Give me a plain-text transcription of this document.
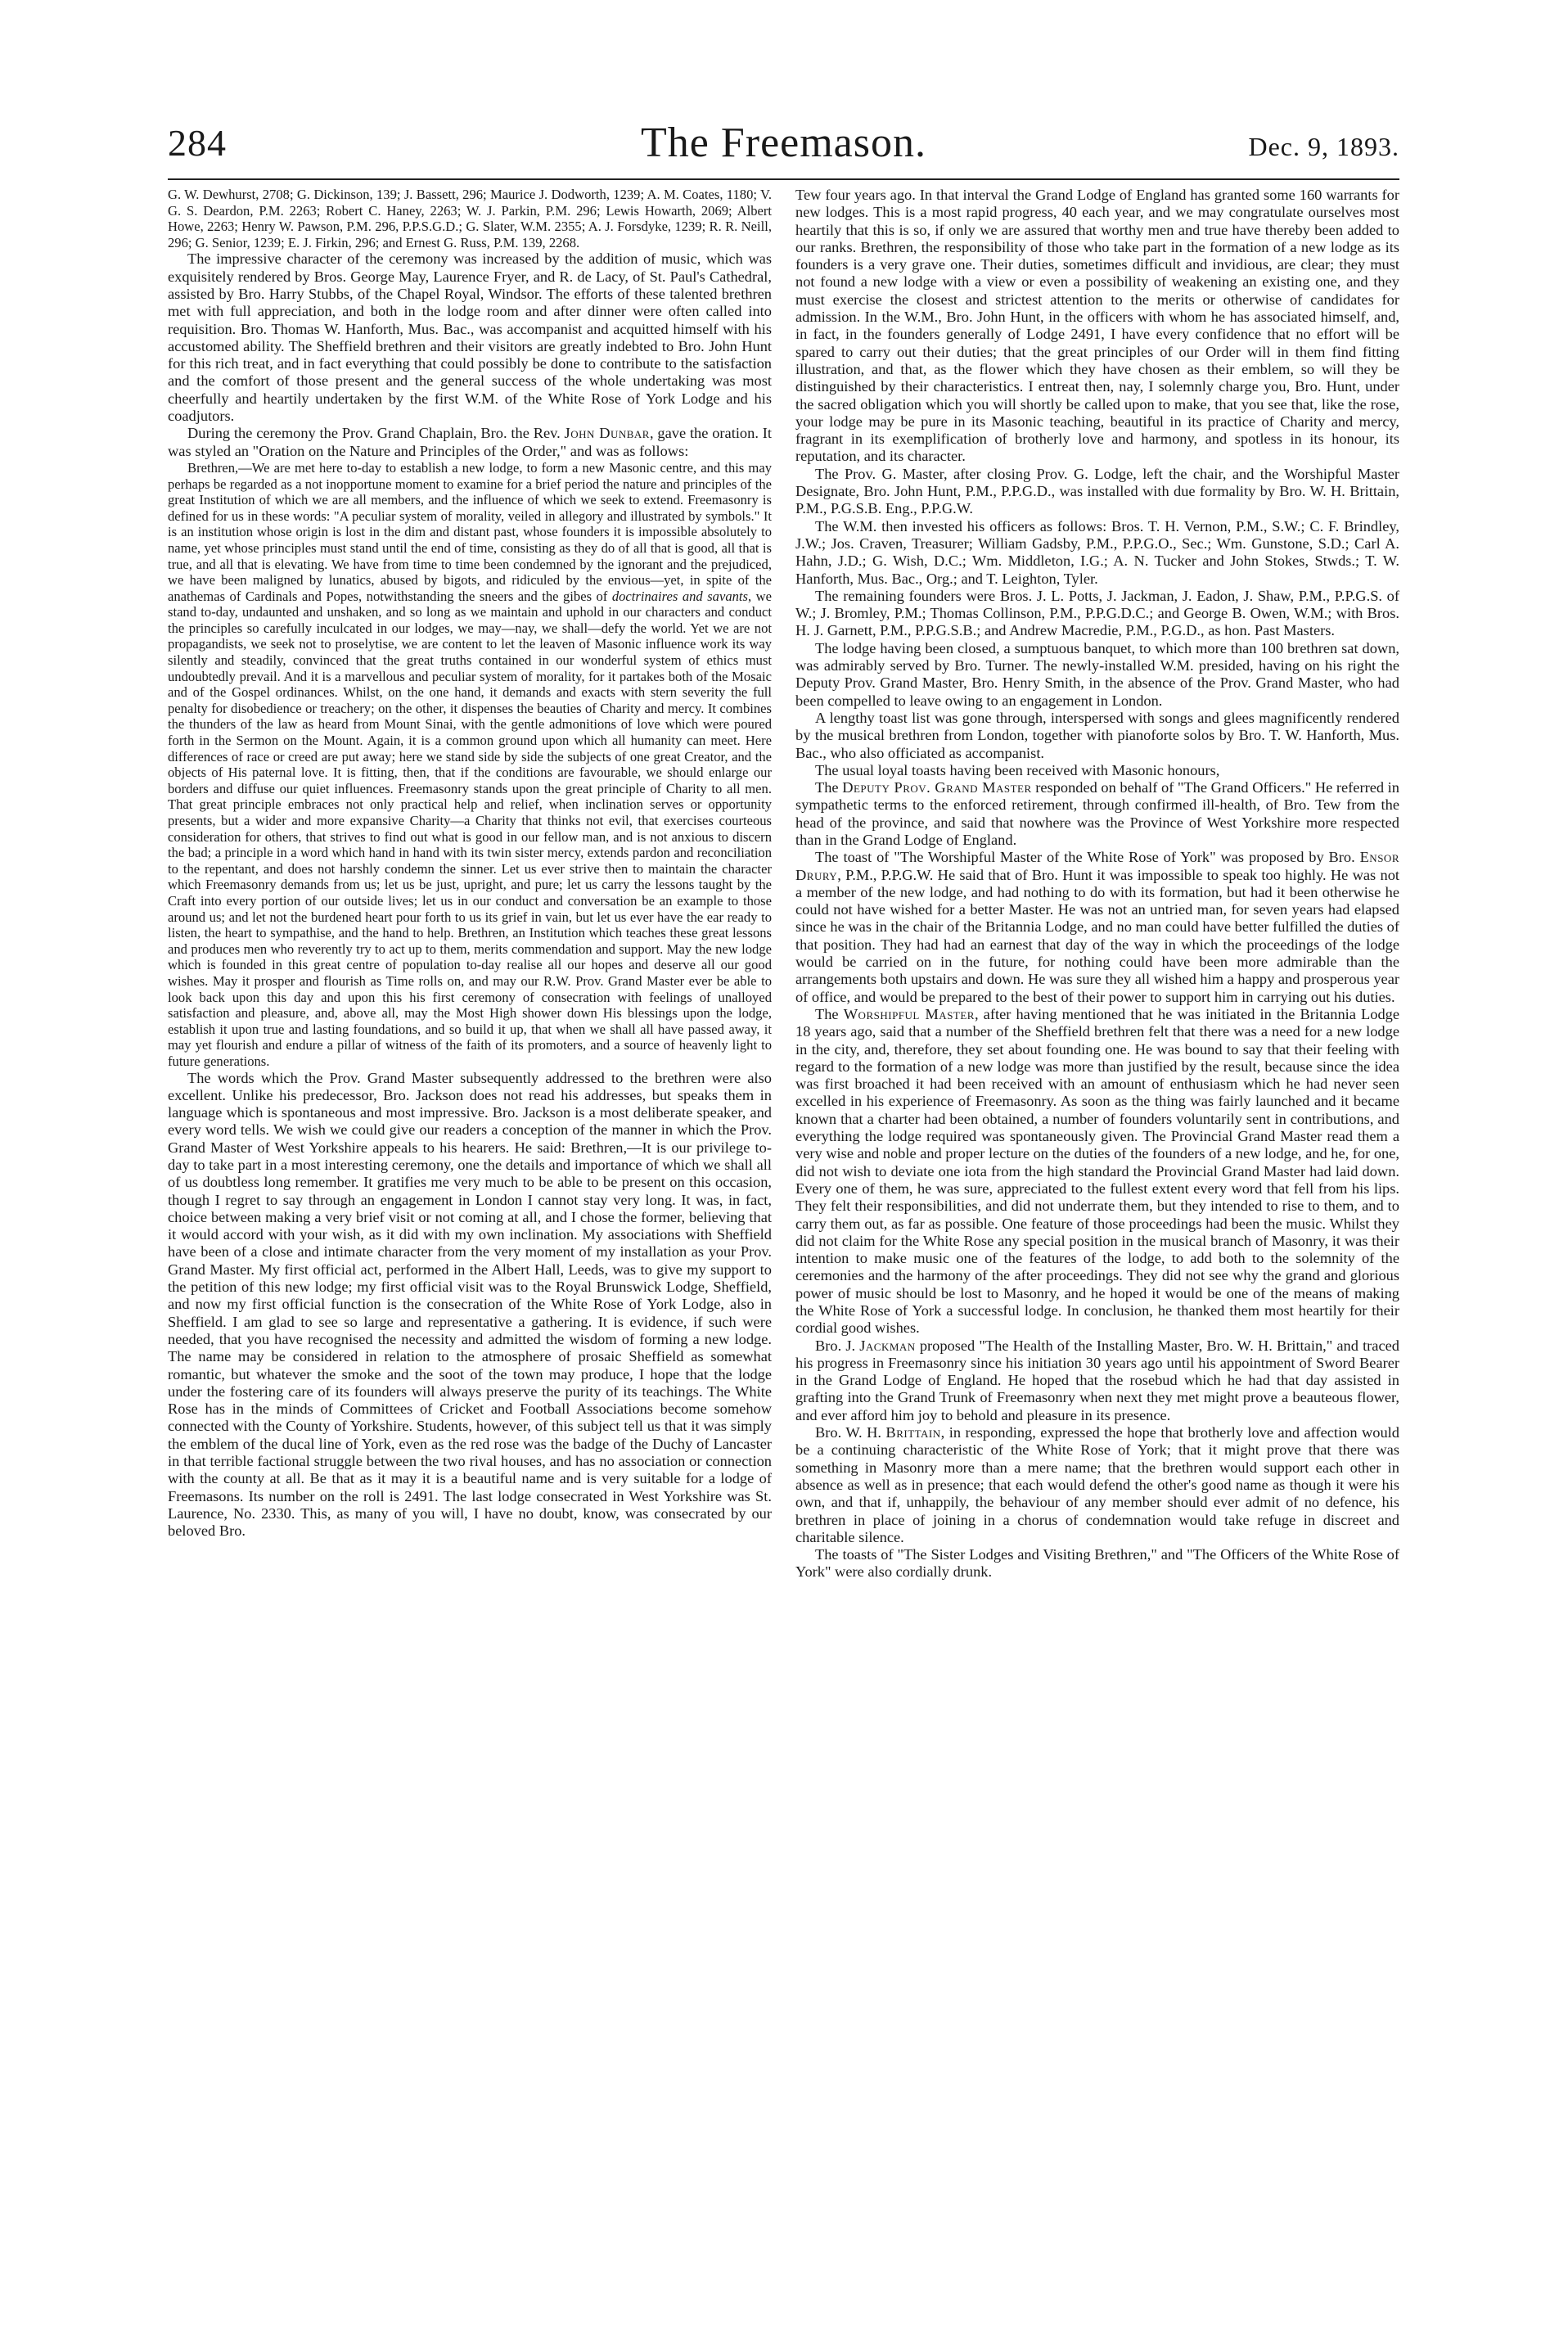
284	The Freemason.	Dec. 9, 1893.

G. W. Dewhurst, 2708; G. Dickinson, 139; J. Bassett, 296; Maurice J. Dodworth, 1239; A. M. Coates, 1180; V. G. S. Deardon, P.M. 2263; Robert C. Haney, 2263; W. J. Parkin, P.M. 296; Lewis Howarth, 2069; Albert Howe, 2263; Henry W. Pawson, P.M. 296, P.P.S.G.D.; G. Slater, W.M. 2355; A. J. Forsdyke, 1239; R. R. Neill, 296; G. Senior, 1239; E. J. Firkin, 296; and Ernest G. Russ, P.M. 139, 2268.

The impressive character of the ceremony was increased by the addition of music, which was exquisitely rendered by Bros. George May, Laurence Fryer, and R. de Lacy, of St. Paul's Cathedral, assisted by Bro. Harry Stubbs, of the Chapel Royal, Windsor. The efforts of these talented brethren met with full appreciation, and both in the lodge room and after dinner were often called into requisition. Bro. Thomas W. Hanforth, Mus. Bac., was accompanist and acquitted himself with his accustomed ability. The Sheffield brethren and their visitors are greatly indebted to Bro. John Hunt for this rich treat, and in fact everything that could possibly be done to contribute to the satisfaction and the comfort of those present and the general success of the whole undertaking was most cheerfully and heartily undertaken by the first W.M. of the White Rose of York Lodge and his coadjutors.

During the ceremony the Prov. Grand Chaplain, Bro. the Rev. John Dunbar, gave the oration. It was styled an "Oration on the Nature and Principles of the Order," and was as follows:

Brethren,—We are met here to-day to establish a new lodge, to form a new Masonic centre, and this may perhaps be regarded as a not inopportune moment to examine for a brief period the nature and principles of the great Institution of which we are all members, and the influence of which we seek to extend. Freemasonry is defined for us in these words: "A peculiar system of morality, veiled in allegory and illustrated by symbols." It is an institution whose origin is lost in the dim and distant past, whose founders it is impossible absolutely to name, yet whose principles must stand until the end of time, consisting as they do of all that is good, all that is true, and all that is elevating. We have from time to time been condemned by the ignorant and the prejudiced, we have been maligned by lunatics, abused by bigots, and ridiculed by the envious—yet, in spite of the anathemas of Cardinals and Popes, notwithstanding the sneers and the gibes of doctrinaires and savants, we stand to-day, undaunted and unshaken, and so long as we maintain and uphold in our characters and conduct the principles so carefully inculcated in our lodges, we may—nay, we shall—defy the world. Yet we are not propagandists, we seek not to proselytise, we are content to let the leaven of Masonic influence work its way silently and steadily, convinced that the great truths contained in our wonderful system of ethics must undoubtedly prevail. And it is a marvellous and peculiar system of morality, for it partakes both of the Mosaic and of the Gospel ordinances. Whilst, on the one hand, it demands and exacts with stern severity the full penalty for disobedience or treachery; on the other, it dispenses the beauties of Charity and mercy. It combines the thunders of the law as heard from Mount Sinai, with the gentle admonitions of love which were poured forth in the Sermon on the Mount. Again, it is a common ground upon which all humanity can meet. Here differences of race or creed are put away; here we stand side by side the subjects of one great Creator, and the objects of His paternal love. It is fitting, then, that if the conditions are favourable, we should enlarge our borders and diffuse our quiet influences. Freemasonry stands upon the great principle of Charity to all men. That great principle embraces not only practical help and relief, when inclination serves or opportunity presents, but a wider and more expansive Charity—a Charity that thinks not evil, that exercises courteous consideration for others, that strives to find out what is good in our fellow man, and is not anxious to discern the bad; a principle in a word which hand in hand with its twin sister mercy, extends pardon and reconciliation to the repentant, and does not harshly condemn the sinner. Let us ever strive then to maintain the character which Freemasonry demands from us; let us be just, upright, and pure; let us carry the lessons taught by the Craft into every portion of our outside lives; let us in our conduct and conversation be an example to those around us; and let not the burdened heart pour forth to us its grief in vain, but let us ever have the ear ready to listen, the heart to sympathise, and the hand to help. Brethren, an Institution which teaches these great lessons and produces men who reverently try to act up to them, merits commendation and support. May the new lodge which is founded in this great centre of population to-day realise all our hopes and deserve all our good wishes. May it prosper and flourish as Time rolls on, and may our R.W. Prov. Grand Master ever be able to look back upon this day and upon this his first ceremony of consecration with feelings of unalloyed satisfaction and pleasure, and, above all, may the Most High shower down His blessings upon the lodge, establish it upon true and lasting foundations, and so build it up, that when we shall all have passed away, it may yet flourish and endure a pillar of witness of the faith of its promoters, and a source of heavenly light to future generations.

The words which the Prov. Grand Master subsequently addressed to the brethren were also excellent. Unlike his predecessor, Bro. Jackson does not read his addresses, but speaks them in language which is spontaneous and most impressive. Bro. Jackson is a most deliberate speaker, and every word tells. We wish we could give our readers a conception of the manner in which the Prov. Grand Master of West Yorkshire appeals to his hearers. He said: Brethren,—It is our privilege to-day to take part in a most interesting ceremony, one the details and importance of which we shall all of us doubtless long remember. It gratifies me very much to be able to be present on this occasion, though I regret to say through an engagement in London I cannot stay very long. It was, in fact, choice between making a very brief visit or not coming at all, and I chose the former, believing that it would accord with your wish, as it did with my own inclination. My associations with Sheffield have been of a close and intimate character from the very moment of my installation as your Prov. Grand Master. My first official act, performed in the Albert Hall, Leeds, was to give my support to the petition of this new lodge; my first official visit was to the Royal Brunswick Lodge, Sheffield, and now my first official function is the consecration of the White Rose of York Lodge, also in Sheffield. I am glad to see so large and representative a gathering. It is evidence, if such were needed, that you have recognised the necessity and admitted the wisdom of forming a new lodge. The name may be considered in relation to the atmosphere of prosaic Sheffield as somewhat romantic, but whatever the smoke and the soot of the town may produce, I hope that the lodge under the fostering care of its founders will always preserve the purity of its teachings. The White Rose has in the minds of Committees of Cricket and Football Associations become somehow connected with the County of Yorkshire. Students, however, of this subject tell us that it was simply the emblem of the ducal line of York, even as the red rose was the badge of the Duchy of Lancaster in that terrible factional struggle between the two rival houses, and has no association or connection with the county at all. Be that as it may it is a beautiful name and is very suitable for a lodge of Freemasons. Its number on the roll is 2491. The last lodge consecrated in West Yorkshire was St. Laurence, No. 2330. This, as many of you will, I have no doubt, know, was consecrated by our beloved Bro.

Tew four years ago. In that interval the Grand Lodge of England has granted some 160 warrants for new lodges. This is a most rapid progress, 40 each year, and we may congratulate ourselves most heartily that this is so, if only we are assured that worthy men and true have thereby been added to our ranks. Brethren, the responsibility of those who take part in the formation of a new lodge as its founders is a very grave one. Their duties, sometimes difficult and invidious, are clear; they must not found a new lodge with a view or even a possibility of weakening an existing one, and they must exercise the closest and strictest attention to the merits or otherwise of candidates for admission. In the W.M., Bro. John Hunt, in the officers with whom he has associated himself, and, in fact, in the founders generally of Lodge 2491, I have every confidence that no effort will be spared to carry out their duties; that the great principles of our Order will in them find fitting illustration, and that, as the flower which they have chosen as their emblem, so will they be distinguished by their characteristics. I entreat then, nay, I solemnly charge you, Bro. Hunt, under the sacred obligation which you will shortly be called upon to make, that you see that, like the rose, your lodge may be pure in its Masonic teaching, beautiful in its practice of Charity and mercy, fragrant in its exemplification of brotherly love and harmony, and spotless in its honour, its reputation, and its character.

The Prov. G. Master, after closing Prov. G. Lodge, left the chair, and the Worshipful Master Designate, Bro. John Hunt, P.M., P.P.G.D., was installed with due formality by Bro. W. H. Brittain, P.M., P.G.S.B. Eng., P.P.G.W.

The W.M. then invested his officers as follows: Bros. T. H. Vernon, P.M., S.W.; C. F. Brindley, J.W.; Jos. Craven, Treasurer; William Gadsby, P.M., P.P.G.O., Sec.; Wm. Gunstone, S.D.; Carl A. Hahn, J.D.; G. Wish, D.C.; Wm. Middleton, I.G.; A. N. Tucker and John Stokes, Stwds.; T. W. Hanforth, Mus. Bac., Org.; and T. Leighton, Tyler.

The remaining founders were Bros. J. L. Potts, J. Jackman, J. Eadon, J. Shaw, P.M., P.P.G.S. of W.; J. Bromley, P.M.; Thomas Collinson, P.M., P.P.G.D.C.; and George B. Owen, W.M.; with Bros. H. J. Garnett, P.M., P.P.G.S.B.; and Andrew Macredie, P.M., P.G.D., as hon. Past Masters.

The lodge having been closed, a sumptuous banquet, to which more than 100 brethren sat down, was admirably served by Bro. Turner. The newly-installed W.M. presided, having on his right the Deputy Prov. Grand Master, Bro. Henry Smith, in the absence of the Prov. Grand Master, who had been compelled to leave owing to an engagement in London.

A lengthy toast list was gone through, interspersed with songs and glees magnificently rendered by the musical brethren from London, together with pianoforte solos by Bro. T. W. Hanforth, Mus. Bac., who also officiated as accompanist.

The usual loyal toasts having been received with Masonic honours,

The Deputy Prov. Grand Master responded on behalf of "The Grand Officers." He referred in sympathetic terms to the enforced retirement, through confirmed ill-health, of Bro. Tew from the head of the province, and said that nowhere was the Province of West Yorkshire more respected than in the Grand Lodge of England.

The toast of "The Worshipful Master of the White Rose of York" was proposed by Bro. Ensor Drury, P.M., P.P.G.W. He said that of Bro. Hunt it was impossible to speak too highly. He was not a member of the new lodge, and had nothing to do with its formation, but had it been otherwise he could not have wished for a better Master. He was not an untried man, for seven years had elapsed since he was in the chair of the Britannia Lodge, and no man could have better fulfilled the duties of that position. They had had an earnest that day of the way in which the proceedings of the lodge would be carried on in the future, for nothing could have been more admirable than the arrangements both upstairs and down. He was sure they all wished him a happy and prosperous year of office, and would be prepared to the best of their power to support him in carrying out his duties.

The Worshipful Master, after having mentioned that he was initiated in the Britannia Lodge 18 years ago, said that a number of the Sheffield brethren felt that there was a need for a new lodge in the city, and, therefore, they set about founding one. He was bound to say that their feeling with regard to the formation of a new lodge was more than justified by the result, because since the idea was first broached it had been received with an amount of enthusiasm which he had never seen excelled in his experience of Freemasonry. As soon as the thing was fairly launched and it became known that a charter had been obtained, a number of founders voluntarily sent in contributions, and everything the lodge required was spontaneously given. The Provincial Grand Master read them a very wise and noble and proper lecture on the duties of the founders of a new lodge, and he, for one, did not wish to deviate one iota from the high standard the Provincial Grand Master had laid down. Every one of them, he was sure, appreciated to the fullest extent every word that fell from his lips. They felt their responsibilities, and did not underrate them, but they intended to rise to them, and to carry them out, as far as possible. One feature of those proceedings had been the music. Whilst they did not claim for the White Rose any special position in the musical branch of Masonry, it was their intention to make music one of the features of the lodge, to add both to the solemnity of the ceremonies and the harmony of the after proceedings. They did not see why the grand and glorious power of music should be lost to Masonry, and he hoped it would be one of the means of making the White Rose of York a successful lodge. In conclusion, he thanked them most heartily for their cordial good wishes.

Bro. J. Jackman proposed "The Health of the Installing Master, Bro. W. H. Brittain," and traced his progress in Freemasonry since his initiation 30 years ago until his appointment of Sword Bearer in the Grand Lodge of England. He hoped that the rosebud which he had that day assisted in grafting into the Grand Trunk of Freemasonry when next they met might prove a beauteous flower, and ever afford him joy to behold and pleasure in its presence.

Bro. W. H. Brittain, in responding, expressed the hope that brotherly love and affection would be a continuing characteristic of the White Rose of York; that it might prove that there was something in Masonry more than a mere name; that the brethren would support each other in absence as well as in presence; that each would defend the other's good name as though it were his own, and that if, unhappily, the behaviour of any member should ever admit of no defence, his brethren in place of joining in a chorus of condemnation would take refuge in discreet and charitable silence.

The toasts of "The Sister Lodges and Visiting Brethren," and "The Officers of the White Rose of York" were also cordially drunk.
